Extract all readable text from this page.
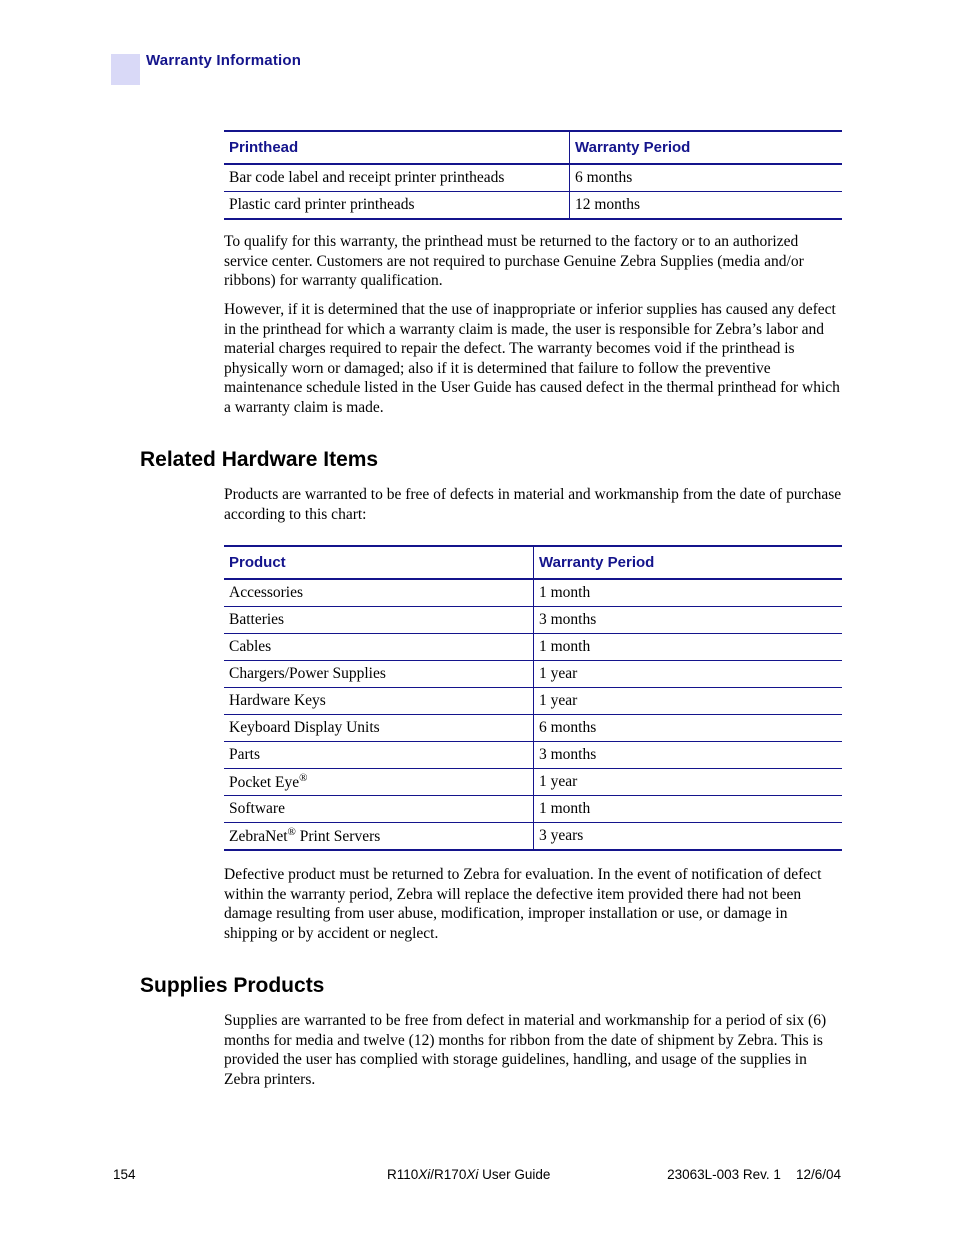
Warranty Information
Printhead	Warranty Period
Bar code label and receipt printer printheads	6 months
Plastic card printer printheads	12 months

To qualify for this warranty, the printhead must be returned to the factory or to an authorized service center. Customers are not required to purchase Genuine Zebra Supplies (media and/or ribbons) for warranty qualification.

However, if it is determined that the use of inappropriate or inferior supplies has caused any defect in the printhead for which a warranty claim is made, the user is responsible for Zebra’s labor and material charges required to repair the defect. The warranty becomes void if the printhead is physically worn or damaged; also if it is determined that failure to follow the preventive maintenance schedule listed in the User Guide has caused defect in the thermal printhead for which a warranty claim is made.

Related Hardware Items

Products are warranted to be free of defects in material and workmanship from the date of purchase according to this chart:

Product	Warranty Period
Accessories	1 month
Batteries	3 months
Cables	1 month
Chargers/Power Supplies	1 year
Hardware Keys	1 year
Keyboard Display Units	6 months
Parts	3 months
Pocket Eye®	1 year
Software	1 month
ZebraNet® Print Servers	3 years

Defective product must be returned to Zebra for evaluation. In the event of notification of defect within the warranty period, Zebra will replace the defective item provided there had not been damage resulting from user abuse, modification, improper installation or use, or damage in shipping or by accident or neglect.

Supplies Products

Supplies are warranted to be free from defect in material and workmanship for a period of six (6) months for media and twelve (12) months for ribbon from the date of shipment by Zebra. This is provided the user has complied with storage guidelines, handling, and usage of the supplies in Zebra printers.

154	R110Xi/R170Xi User Guide	23063L-003 Rev. 1    12/6/04
